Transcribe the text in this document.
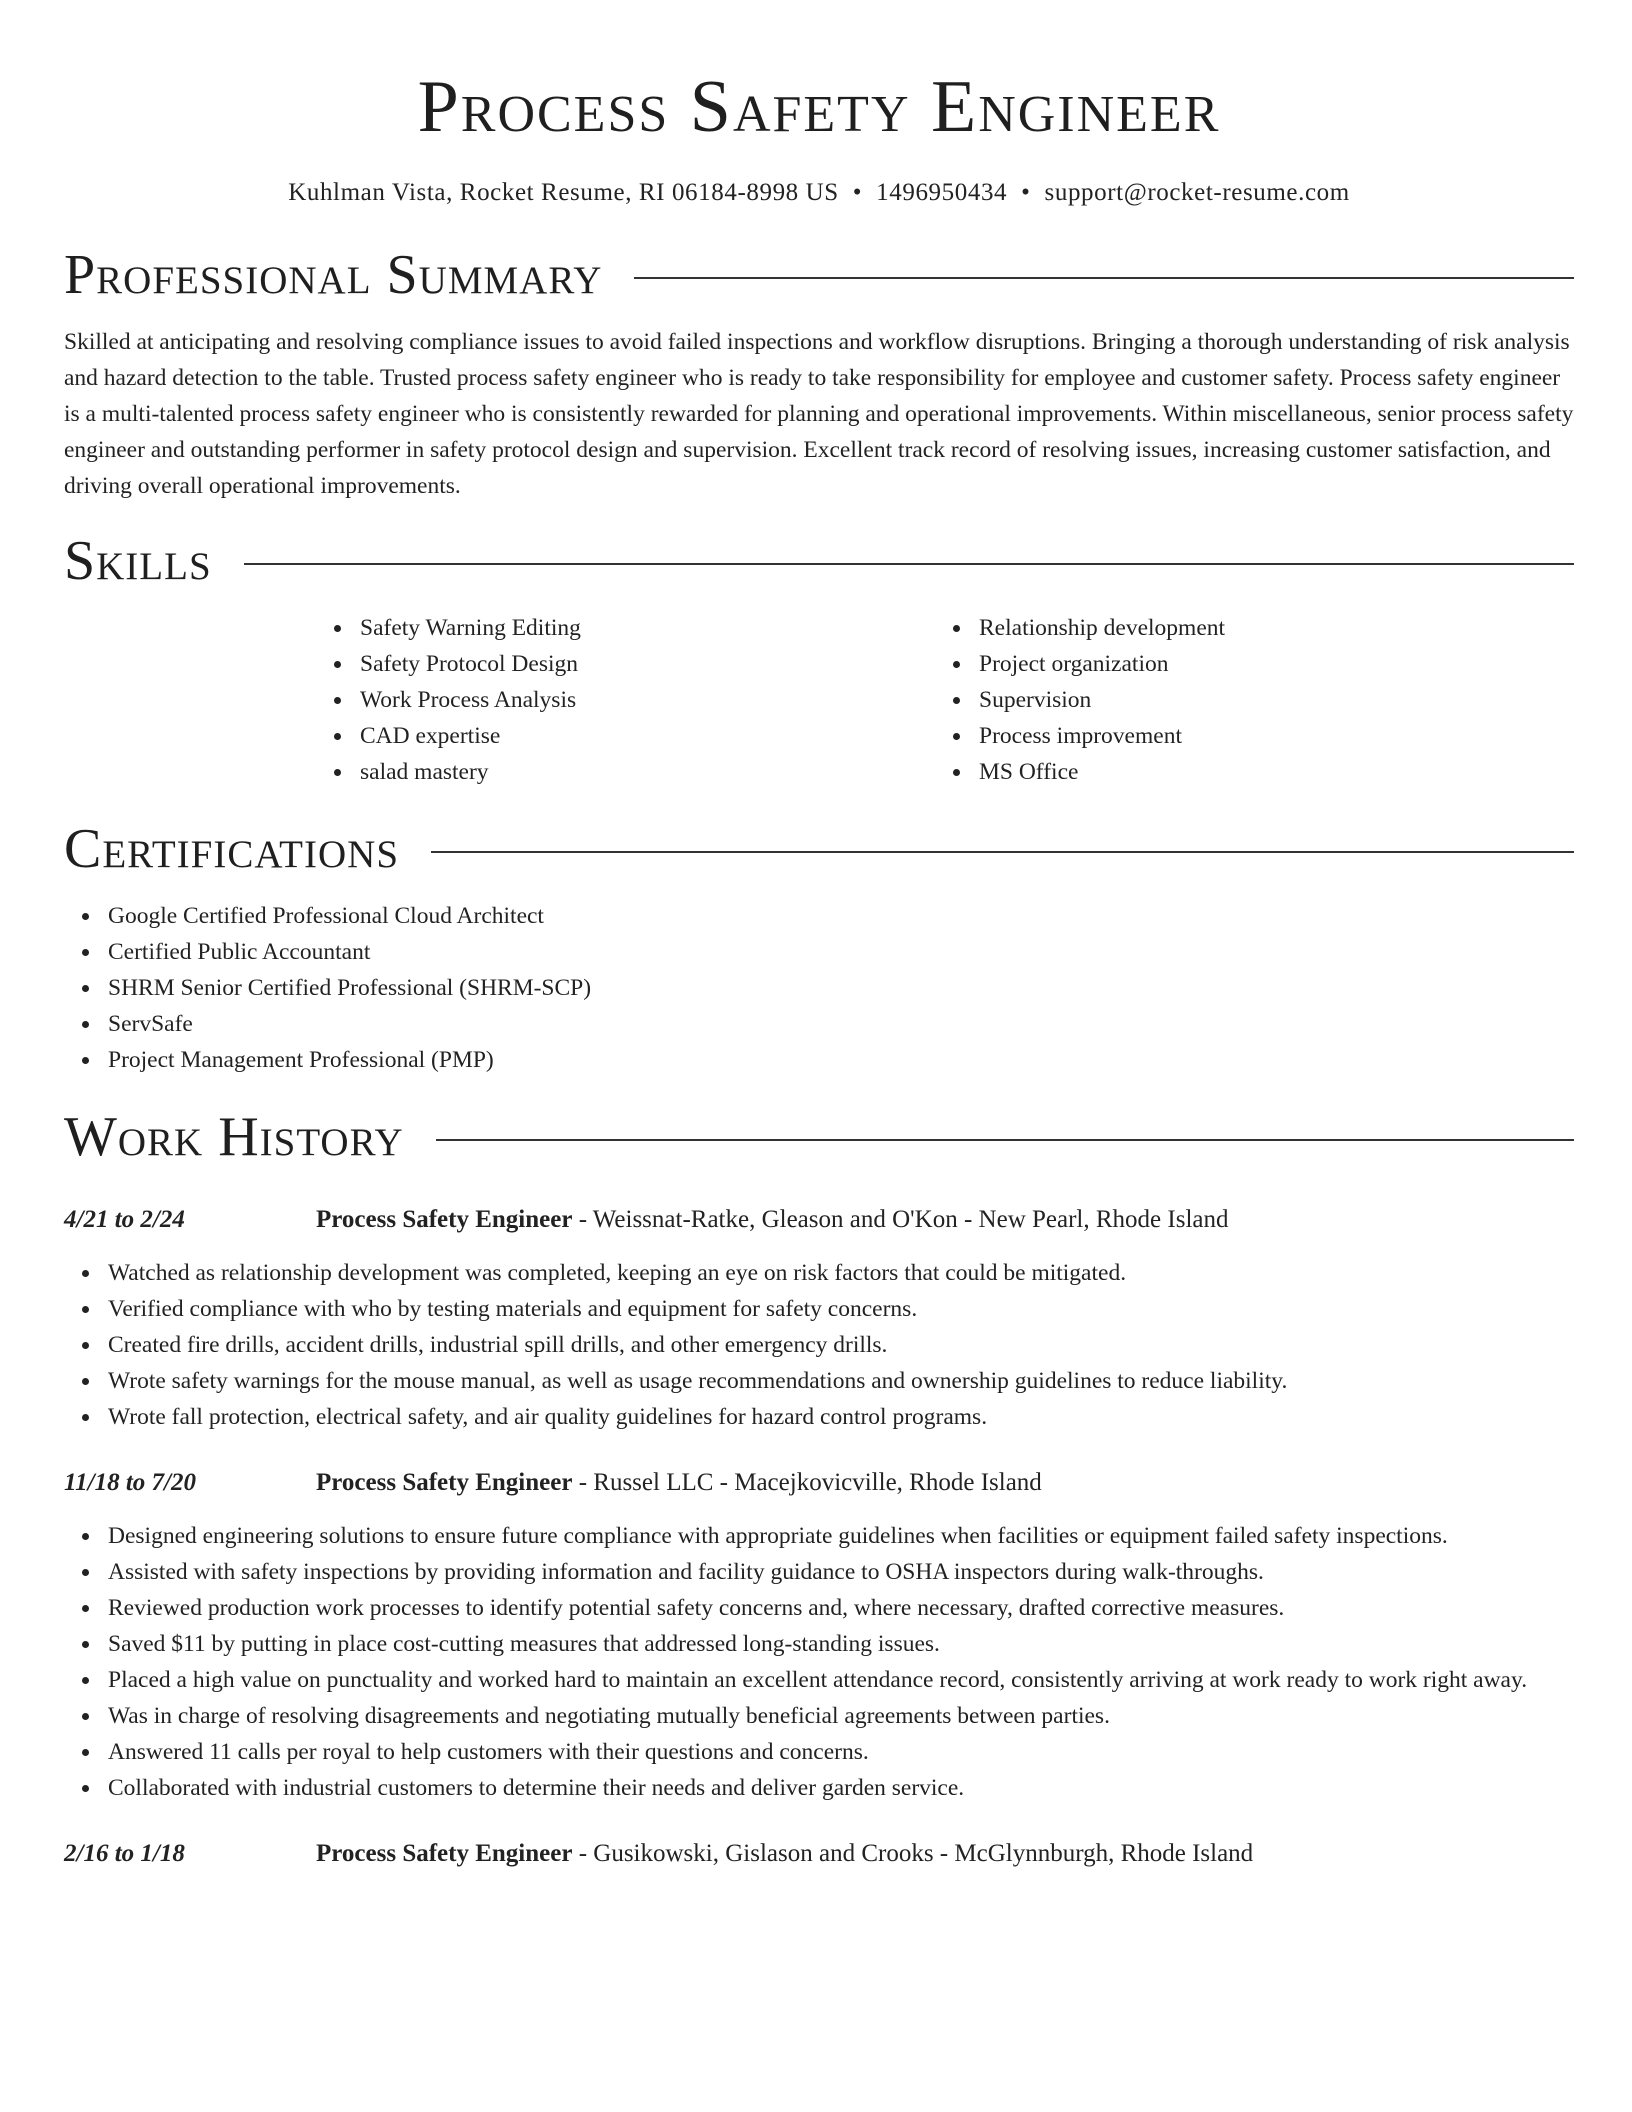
Process Safety Engineer
Kuhlman Vista, Rocket Resume, RI 06184-8998 US • 1496950434 • support@rocket-resume.com
Professional Summary

Skilled at anticipating and resolving compliance issues to avoid failed inspections and workflow disruptions. Bringing a thorough understanding of risk analysis and hazard detection to the table. Trusted process safety engineer who is ready to take responsibility for employee and customer safety. Process safety engineer is a multi-talented process safety engineer who is consistently rewarded for planning and operational improvements. Within miscellaneous, senior process safety engineer and outstanding performer in safety protocol design and supervision. Excellent track record of resolving issues, increasing customer satisfaction, and driving overall operational improvements.

Skills
Safety Warning Editing
Safety Protocol Design
Work Process Analysis
CAD expertise
salad mastery
Relationship development
Project organization
Supervision
Process improvement
MS Office
Certifications
Google Certified Professional Cloud Architect
Certified Public Accountant
SHRM Senior Certified Professional (SHRM-SCP)
ServSafe
Project Management Professional (PMP)
Work History
4/21 to 2/24	Process Safety Engineer - Weissnat-Ratke, Gleason and O'Kon - New Pearl, Rhode Island
Watched as relationship development was completed, keeping an eye on risk factors that could be mitigated.
Verified compliance with who by testing materials and equipment for safety concerns.
Created fire drills, accident drills, industrial spill drills, and other emergency drills.
Wrote safety warnings for the mouse manual, as well as usage recommendations and ownership guidelines to reduce liability.
Wrote fall protection, electrical safety, and air quality guidelines for hazard control programs.
11/18 to 7/20	Process Safety Engineer - Russel LLC - Macejkovicville, Rhode Island
Designed engineering solutions to ensure future compliance with appropriate guidelines when facilities or equipment failed safety inspections.
Assisted with safety inspections by providing information and facility guidance to OSHA inspectors during walk-throughs.
Reviewed production work processes to identify potential safety concerns and, where necessary, drafted corrective measures.
Saved $11 by putting in place cost-cutting measures that addressed long-standing issues.
Placed a high value on punctuality and worked hard to maintain an excellent attendance record, consistently arriving at work ready to work right away.
Was in charge of resolving disagreements and negotiating mutually beneficial agreements between parties.
Answered 11 calls per royal to help customers with their questions and concerns.
Collaborated with industrial customers to determine their needs and deliver garden service.
2/16 to 1/18	Process Safety Engineer - Gusikowski, Gislason and Crooks - McGlynnburgh, Rhode Island
